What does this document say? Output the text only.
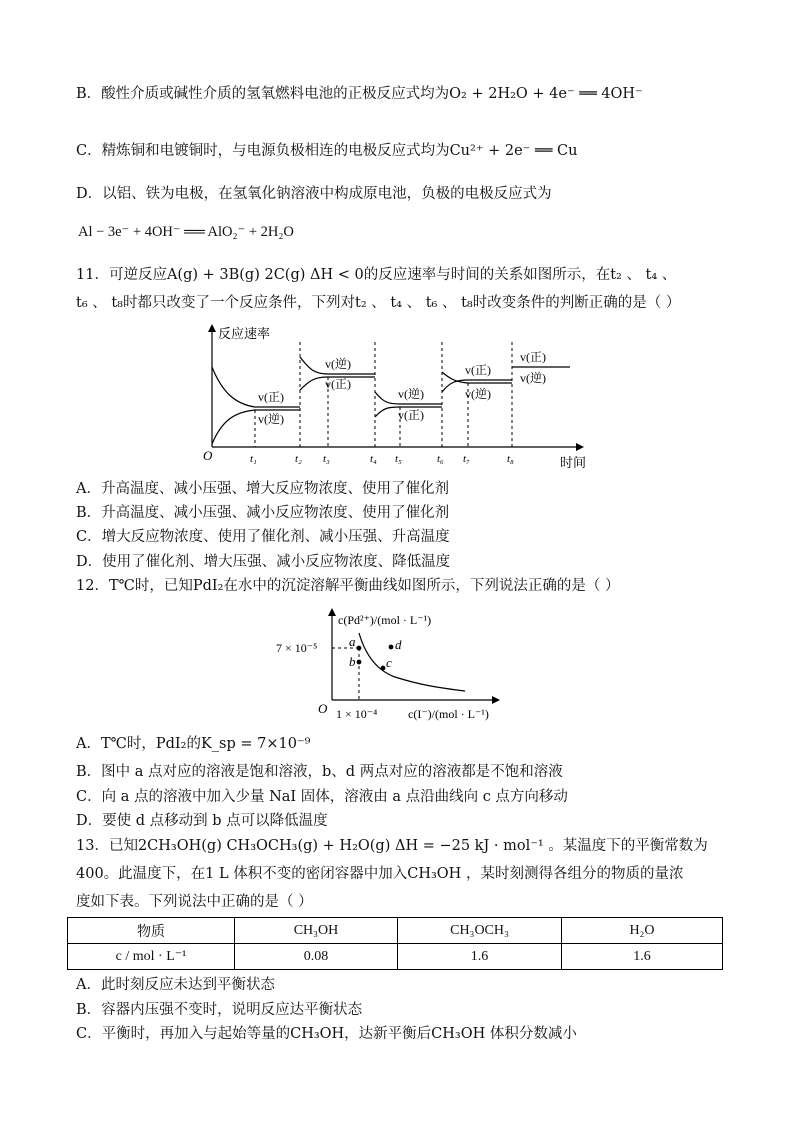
B．酸性介质或碱性介质的氢氧燃料电池的正极反应式均为O₂ + 2H₂O + 4e⁻ ══ 4OH⁻
C．精炼铜和电镀铜时，与电源负极相连的电极反应式均为Cu²⁺ + 2e⁻ ══ Cu
D．以铝、铁为电极，在氢氧化钠溶液中构成原电池，负极的电极反应式为
Al − 3e⁻ + 4OH⁻ ══ AlO₂⁻ + 2H₂O
11．可逆反应A(g) + 3B(g) 2C(g) ΔH < 0的反应速率与时间的关系如图所示，在t₂ 、 t₄ 、
t₆ 、 t₈时都只改变了一个反应条件，下列对t₂ 、 t₄ 、 t₆ 、 t₈时改变条件的判断正确的是（ ）
反应速率
时间
O	t₁	t₂ t₃	t₄ t₅	t₆ t₇	t₈
v(正)
v(逆)
v(逆)
v(正)
v(逆)
v(正)
v(正)
v(逆)
v(正)
v(逆)
A．升高温度、减小压强、增大反应物浓度、使用了催化剂
B．升高温度、减小压强、减小反应物浓度、使用了催化剂
C．增大反应物浓度、使用了催化剂、减小压强、升高温度
D．使用了催化剂、增大压强、减小反应物浓度、降低温度
12．T℃时，已知PdI₂在水中的沉淀溶解平衡曲线如图所示，下列说法正确的是（ ）
c(Pd²⁺)/(mol · L⁻¹)
c(I⁻)/(mol · L⁻¹)
O
7 × 10⁻⁵
1 × 10⁻⁴
a
b c
d
A．T℃时，PdI₂的K_sp = 7×10⁻⁹
B．图中 a 点对应的溶液是饱和溶液，b、d 两点对应的溶液都是不饱和溶液
C．向 a 点的溶液中加入少量 NaI 固体，溶液由 a 点沿曲线向 c 点方向移动
D．要使 d 点移动到 b 点可以降低温度
13．已知2CH₃OH(g) CH₃OCH₃(g) + H₂O(g) ΔH = −25 kJ · mol⁻¹ 。某温度下的平衡常数为
400。此温度下，在1 L 体积不变的密闭容器中加入CH₃OH ，某时刻测得各组分的物质的量浓
度如下表。下列说法中正确的是（ ）
物质	CH₃OH	CH₃OCH₃	H₂O
c / mol · L⁻¹	0.08	1.6	1.6
A．此时刻反应未达到平衡状态
B．容器内压强不变时，说明反应达平衡状态
C．平衡时，再加入与起始等量的CH₃OH，达新平衡后CH₃OH 体积分数减小
